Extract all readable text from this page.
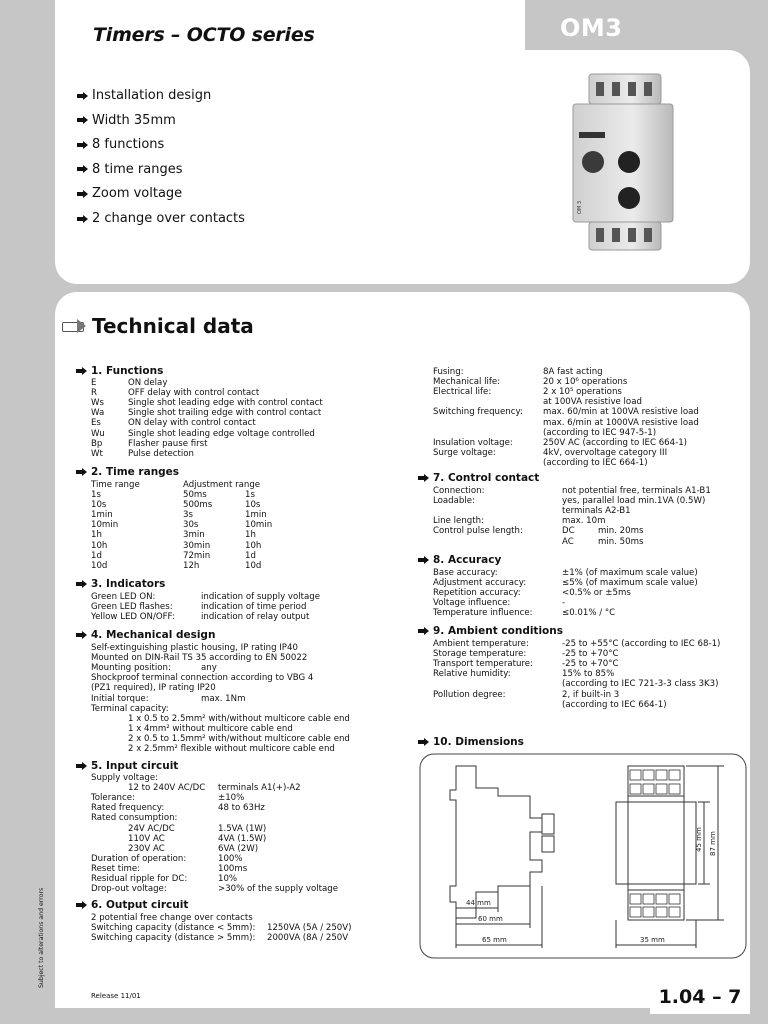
Timers – OCTO series	OM3
Installation design
Width 35mm
8 functions
8 time ranges
Zoom voltage
2 change over contacts
OM 3
Technical data
1. Functions
E	ON delay
R	OFF delay with control contact
Ws	Single shot leading edge with control contact
Wa	Single shot trailing edge with control contact
Es	ON delay with control contact
Wu	Single shot leading edge voltage controlled
Bp	Flasher pause first
Wt	Pulse detection
2. Time ranges
Time range	Adjustment range
1s	50ms	1s
10s	500ms	10s
1min	3s	1min
10min	30s	10min
1h	3min	1h
10h	30min	10h
1d	72min	1d
10d	12h	10d
3. Indicators
Green LED ON:	indication of supply voltage
Green LED flashes:	indication of time period
Yellow LED ON/OFF:	indication of relay output
4. Mechanical design
Self-extinguishing plastic housing, IP rating IP40
Mounted on DIN-Rail TS 35 according to EN 50022
Mounting position:	any
Shockproof terminal connection according to VBG 4
(PZ1 required), IP rating IP20
Initial torque:	max. 1Nm
Terminal capacity:
1 x 0.5 to 2.5mm² with/without multicore cable end
1 x 4mm² without multicore cable end
2 x 0.5 to 1.5mm² with/without multicore cable end
2 x 2.5mm² flexible without multicore cable end
5. Input circuit
Supply voltage:
12 to 240V AC/DC terminals A1(+)-A2
Tolerance:	±10%
Rated frequency:	48 to 63Hz
Rated consumption:
24V AC/DC	1.5VA (1W)
110V AC	4VA (1.5W)
230V AC	6VA (2W)
Duration of operation:	100%
Reset time:	100ms
Residual ripple for DC:	10%
Drop-out voltage:	>30% of the supply voltage
6. Output circuit
2 potential free change over contacts
Switching capacity (distance < 5mm): 1250VA (5A / 250V)
Switching capacity (distance > 5mm): 2000VA (8A / 250V
Fusing:	8A fast acting
Mechanical life:	20 x 10⁶ operations
Electrical life:	2 x 10⁵ operations
at 100VA resistive load
Switching frequency: max. 60/min at 100VA resistive load
max. 6/min at 1000VA resistive load
(according to IEC 947-5-1)
Insulation voltage:	250V AC (according to IEC 664-1)
Surge voltage:	4kV, overvoltage category III
(according to IEC 664-1)
7. Control contact
Connection:	not potential free, terminals A1-B1
Loadable:	yes, parallel load min.1VA (0.5W)
terminals A2-B1
Line length:	max. 10m
Control pulse length:	DC	min. 20ms
AC	min. 50ms
8. Accuracy
Base accuracy:	±1% (of maximum scale value)
Adjustment accuracy:	≤5% (of maximum scale value)
Repetition accuracy:	<0.5% or ±5ms
Voltage influence:	-
Temperature influence:	≤0.01% / °C
9. Ambient conditions
Ambient temperature:	-25 to +55°C (according to IEC 68-1)
Storage temperature:	-25 to +70°C
Transport temperature:	-25 to +70°C
Relative humidity:	15% to 85%
(according to IEC 721-3-3 class 3K3)
Pollution degree:	2, if built-in 3
(according to IEC 664-1)
10. Dimensions
44 mm
60 mm
65 mm	35 mm
45 mm 87 mm
Subject to alterations and errors
Release 11/01	1.04 – 7
